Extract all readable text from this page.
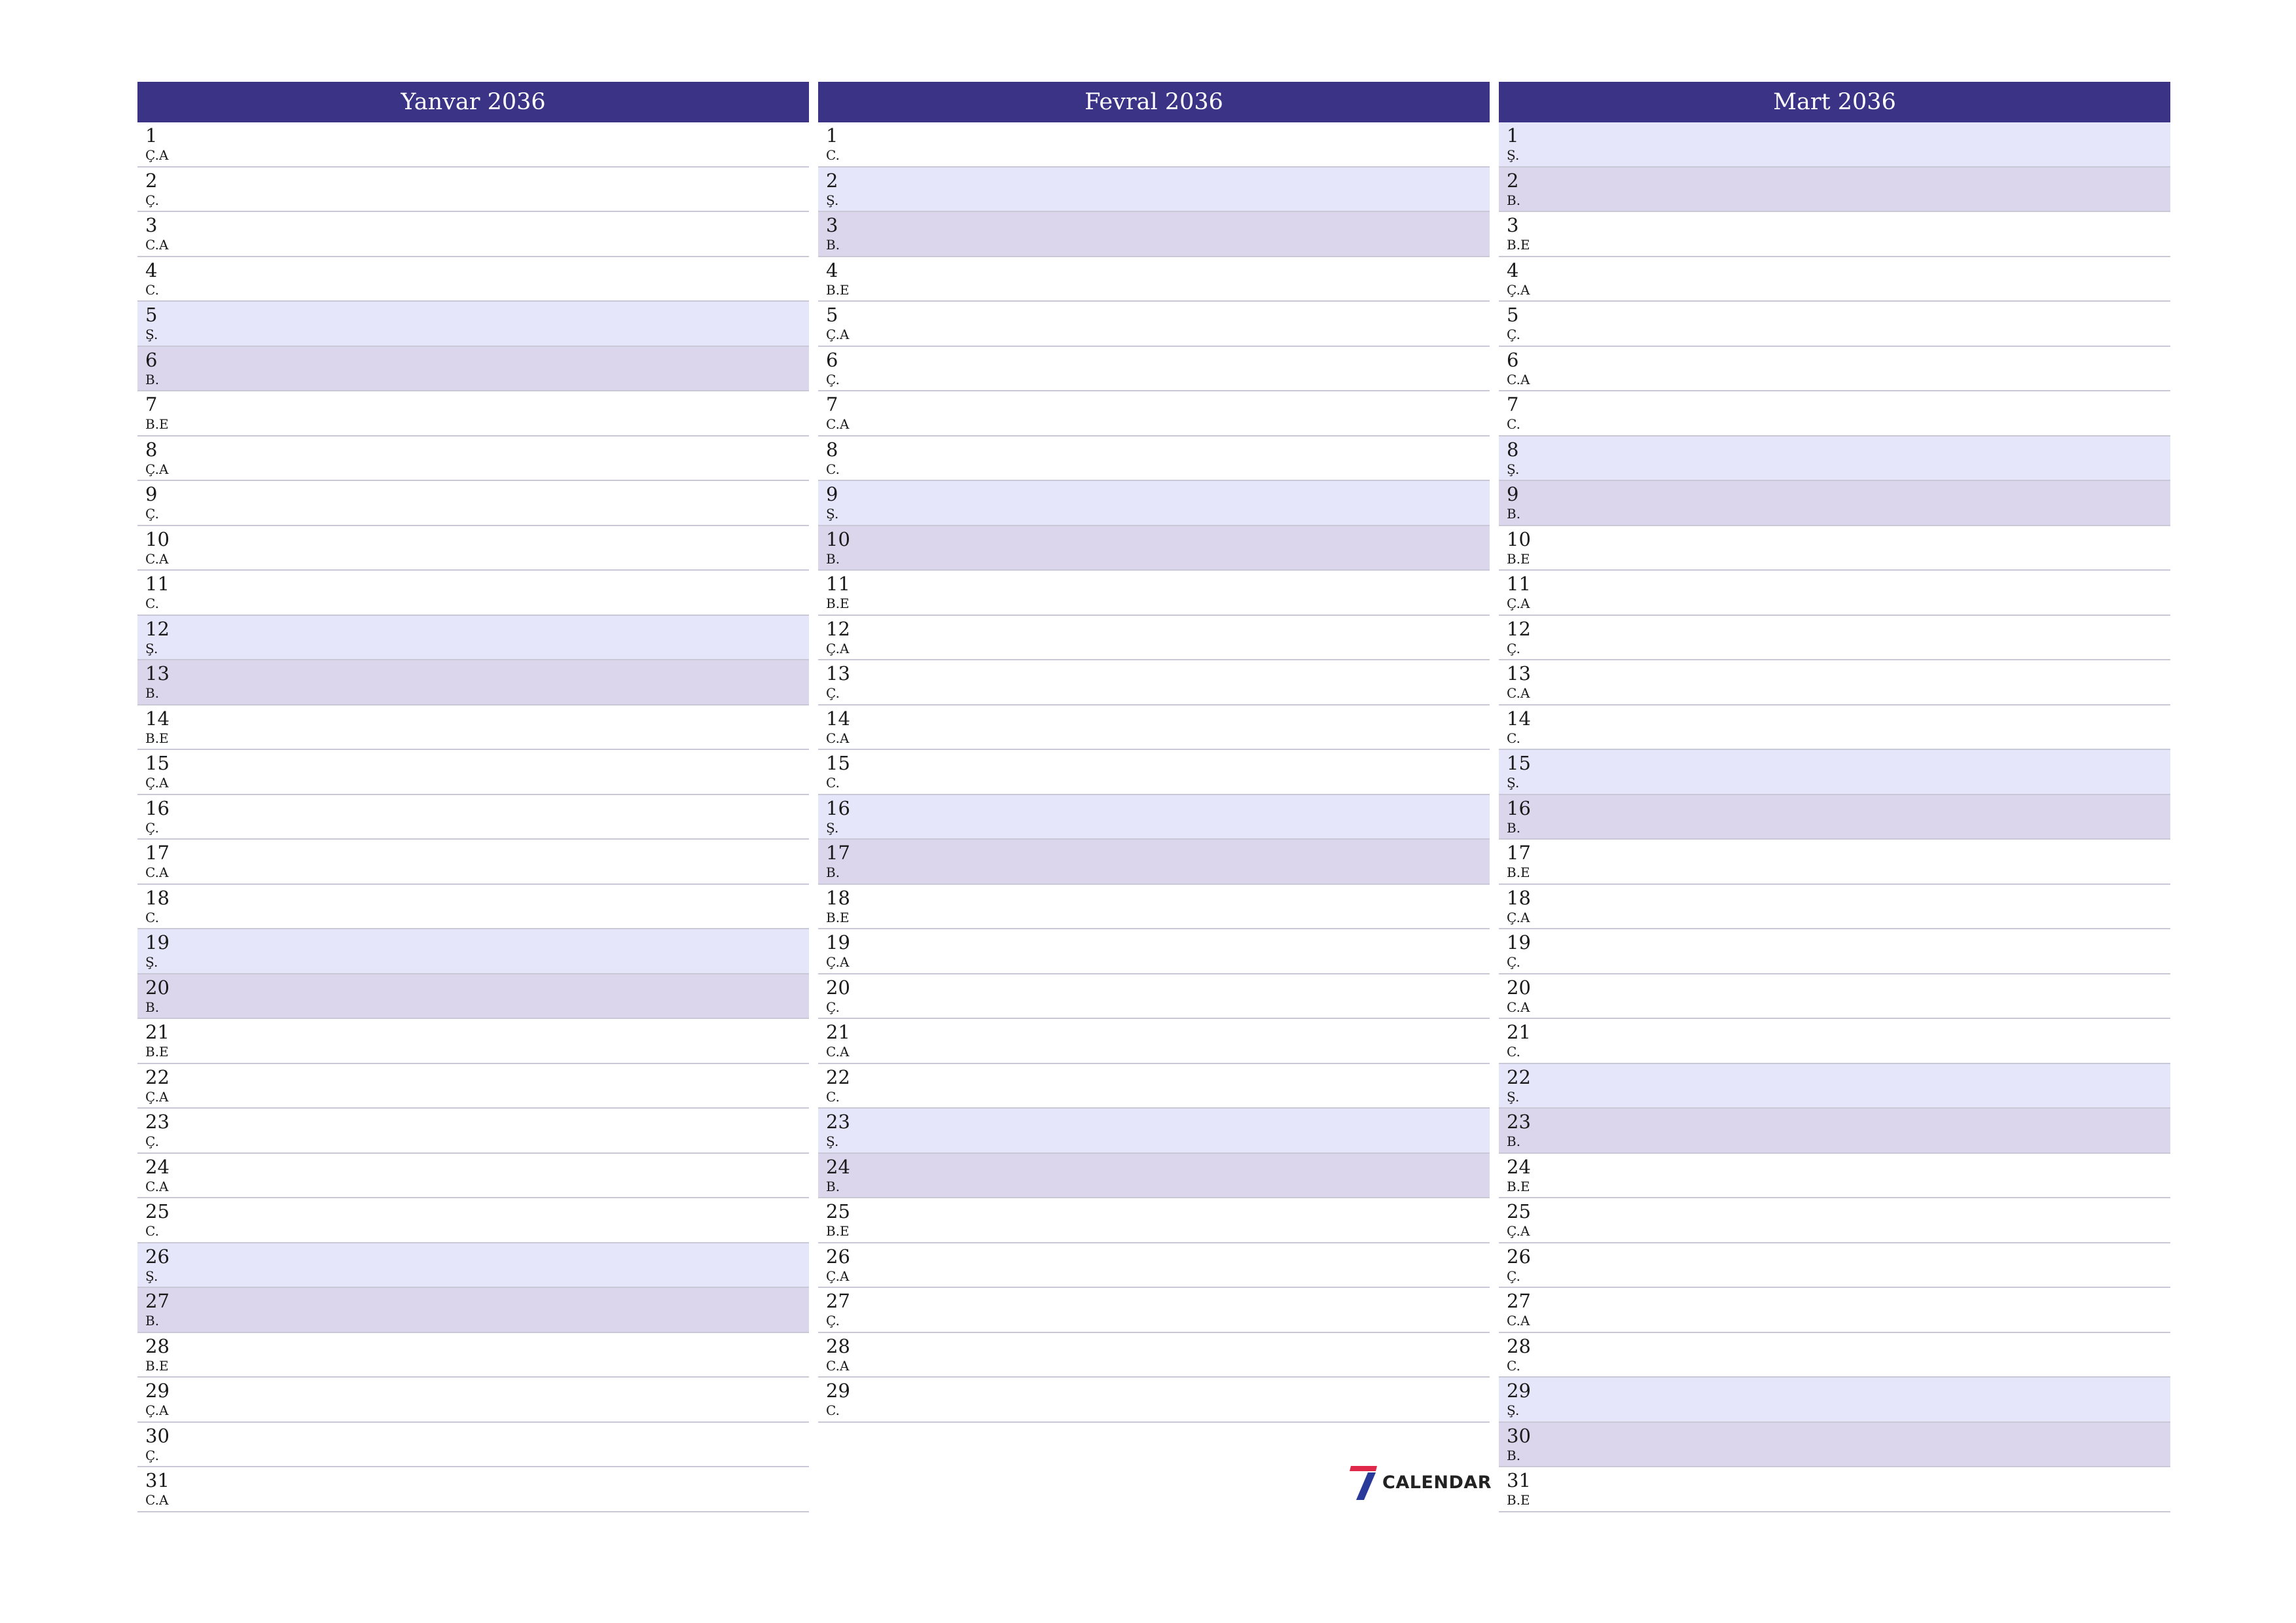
Yanvar 2036
1
Ç.A
2
Ç.
3
C.A
4
C.
5
Ş.
6
B.
7
B.E
8
Ç.A
9
Ç.
10
C.A
11
C.
12
Ş.
13
B.
14
B.E
15
Ç.A
16
Ç.
17
C.A
18
C.
19
Ş.
20
B.
21
B.E
22
Ç.A
23
Ç.
24
C.A
25
C.
26
Ş.
27
B.
28
B.E
29
Ç.A
30
Ç.
31
C.A
Fevral 2036
1
C.
2
Ş.
3
B.
4
B.E
5
Ç.A
6
Ç.
7
C.A
8
C.
9
Ş.
10
B.
11
B.E
12
Ç.A
13
Ç.
14
C.A
15
C.
16
Ş.
17
B.
18
B.E
19
Ç.A
20
Ç.
21
C.A
22
C.
23
Ş.
24
B.
25
B.E
26
Ç.A
27
Ç.
28
C.A
29
C.
Mart 2036
1
Ş.
2
B.
3
B.E
4
Ç.A
5
Ç.
6
C.A
7
C.
8
Ş.
9
B.
10
B.E
11
Ç.A
12
Ç.
13
C.A
14
C.
15
Ş.
16
B.
17
B.E
18
Ç.A
19
Ç.
20
C.A
21
C.
22
Ş.
23
B.
24
B.E
25
Ç.A
26
Ç.
27
C.A
28
C.
29
Ş.
30
B.
31
B.E
CALENDAR
